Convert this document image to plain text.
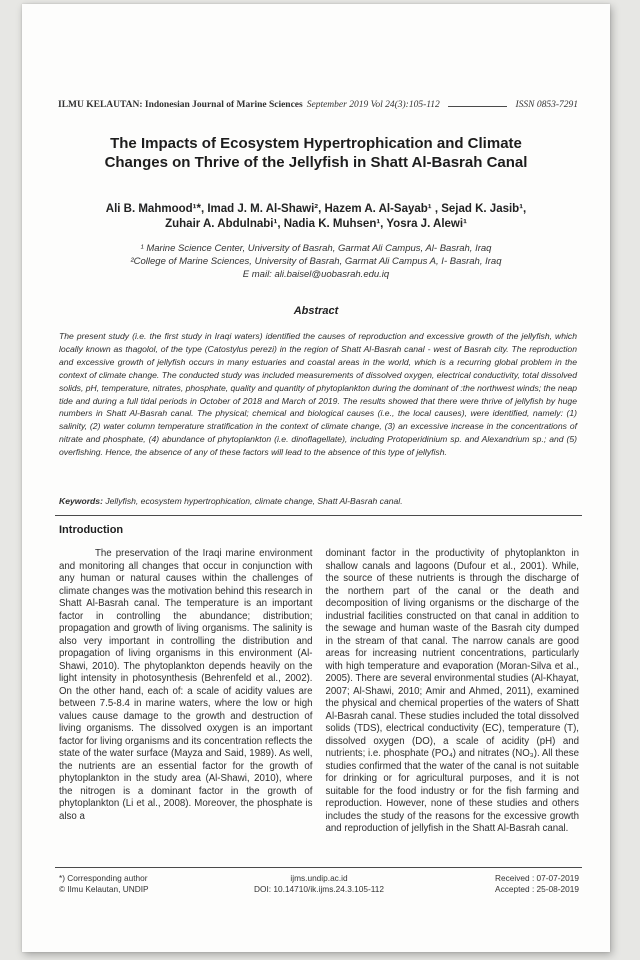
ILMU KELAUTAN: Indonesian Journal of Marine Sciences September 2019 Vol 24(3):105-112	ISSN 0853-7291
The Impacts of Ecosystem Hypertrophication and Climate Changes on Thrive of the Jellyfish in Shatt Al-Basrah Canal
Ali B. Mahmood¹*, Imad J. M. Al-Shawi², Hazem A. Al-Sayab¹ , Sejad K. Jasib¹, Zuhair A. Abdulnabi¹, Nadia K. Muhsen¹, Yosra J. Alewi¹
¹ Marine Science Center, University of Basrah, Garmat Ali Campus, Al- Basrah, Iraq
²College of Marine Sciences, University of Basrah, Garmat Ali Campus A, I- Basrah, Iraq
E mail: ali.baisel@uobasrah.edu.iq
Abstract
The present study (i.e. the first study in Iraqi waters) identified the causes of reproduction and excessive growth of the jellyfish, which locally known as thagolol, of the type (Catostylus perezi) in the region of Shatt Al-Basrah canal - west of Basrah city. The reproduction and excessive growth of jellyfish occurs in many estuaries and coastal areas in the world, which is a recurring global problem in the context of climate change. The conducted study was included measurements of dissolved oxygen, electrical conductivity, total dissolved solids, pH, temperature, nitrates, phosphate, quality and quantity of phytoplankton during the dominant of :the northwest winds; the neap tide and during a full tidal periods in October of 2018 and March of 2019. The results showed that there were thrive of jellyfish by huge numbers in Shatt Al-Basrah canal. The physical; chemical and biological causes (i.e., the local causes), were identified, namely: (1) salinity, (2) water column temperature stratification in the context of climate change, (3) an excessive increase in the concentrations of nitrate and phosphate, (4) abundance of phytoplankton (i.e. dinoflagellate), including Protoperidinium sp. and Alexandrium sp.; and (5) overfishing. Hence, the absence of any of these factors will lead to the absence of this type of jellyfish.
Keywords: Jellyfish, ecosystem hypertrophication, climate change, Shatt Al-Basrah canal.
Introduction

The preservation of the Iraqi marine environment and monitoring all changes that occur in conjunction with any human or natural causes within the challenges of climate changes was the motivation behind this research in Shatt Al-Basrah canal. The temperature is an important factor in controlling the abundance; distribution; propagation and growth of living organisms. The salinity is also very important in controlling the distribution and propagation of living organisms in this environment (Al- Shawi, 2010). The phytoplankton depends heavily on the light intensity in photosynthesis (Behrenfeld et al., 2002). On the other hand, each of: a scale of acidity values are between 7.5-8.4 in marine waters, where the low or high values cause damage to the growth and destruction of living organisms. The dissolved oxygen is an important factor for living organisms and its concentration reflects the state of the water surface (Mayza and Said, 1989). As well, the nutrients are an essential factor for the growth of phytoplankton in the study area (Al-Shawi, 2010), where the nitrogen is a dominant factor in the growth of phytoplankton (Li et al., 2008). Moreover, the phosphate is also a

dominant factor in the productivity of phytoplankton in shallow canals and lagoons (Dufour et al., 2001). While, the source of these nutrients is through the discharge of the northern part of the canal or the death and decomposition of living organisms or the discharge of the industrial facilities constructed on that canal in addition to the sewage and human waste of the Basrah city dumped in the stream of that canal. The narrow canals are good areas for increasing nutrient concentrations, particularly with high temperature and evaporation (Moran-Silva et al., 2005). There are several environmental studies (Al-Khayat, 2007; Al-Shawi, 2010; Amir and Ahmed, 2011), examined the physical and chemical properties of the waters of Shatt Al-Basrah canal. These studies included the total dissolved solids (TDS), electrical conductivity (EC), temperature (T), dissolved oxygen (DO), a scale of acidity (pH) and nutrients; i.e. phosphate (PO₄) and nitrates (NO₃). All these studies confirmed that the water of the canal is not suitable for drinking or for agricultural purposes, and it is not suitable for the food industry or for the fish farming and reproduction. However, none of these studies and others includes the study of the reasons for the excessive growth and reproduction of jellyfish in the Shatt Al-Basrah canal.

*) Corresponding author
© Ilmu Kelautan, UNDIP
ijms.undip.ac.id
DOI: 10.14710/ik.ijms.24.3.105-112
Received : 07-07-2019
Accepted : 25-08-2019
